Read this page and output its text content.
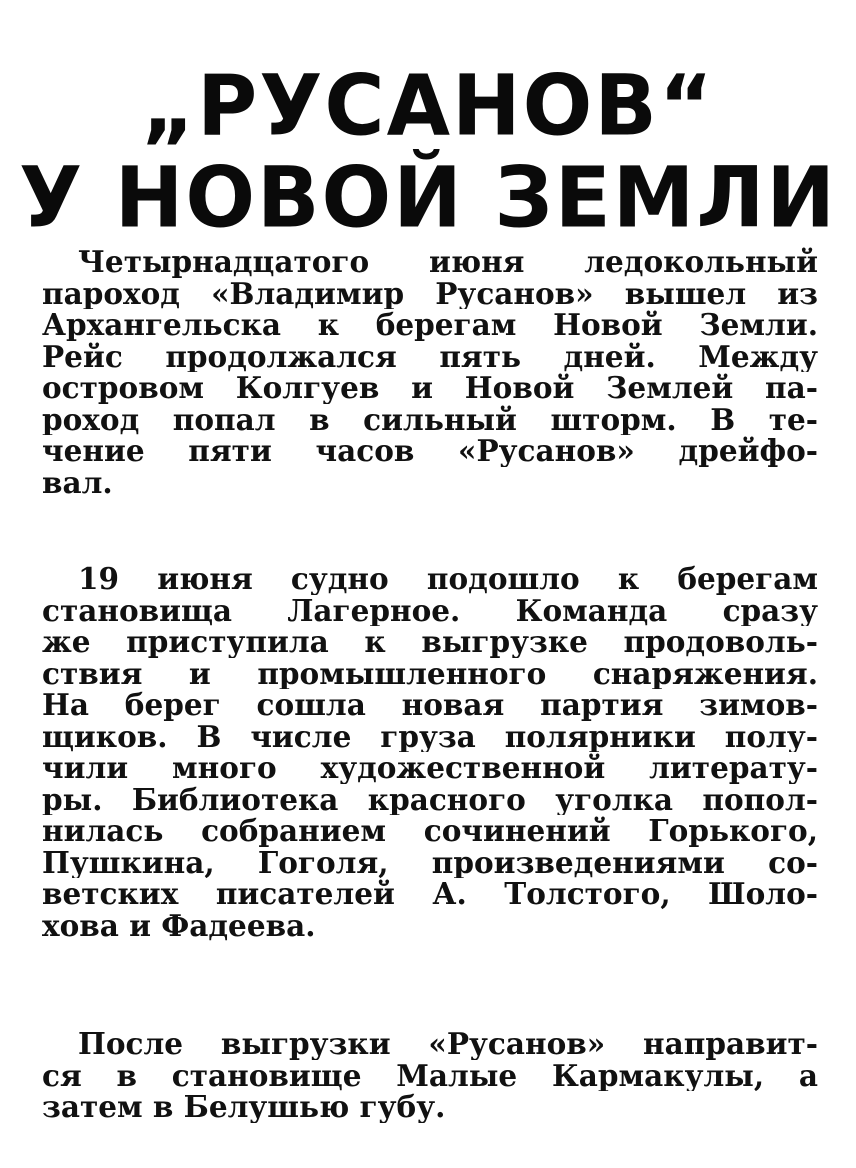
„РУСАНОВ“
У НОВОЙ ЗЕМЛИ
Четырнадцатого июня ледокольный
пароход «Владимир Русанов» вышел из
Архангельска к берегам Новой Земли.
Рейс продолжался пять дней. Между
островом Колгуев и Новой Землей па-
роход попал в сильный шторм. В те-
чение пяти часов «Русанов» дрейфо-
вал.
19 июня судно подошло к берегам
становища Лагерное. Команда сразу
же приступила к выгрузке продоволь-
ствия и промышленного снаряжения.
На берег сошла новая партия зимов-
щиков. В числе груза полярники полу-
чили много художественной литерату-
ры. Библиотека красного уголка попол-
нилась собранием сочинений Горького,
Пушкина, Гоголя, произведениями со-
ветских писателей А. Толстого, Шоло-
хова и Фадеева.
После выгрузки «Русанов» направит-
ся в становище Малые Кармакулы, а
затем в Белушью губу.
